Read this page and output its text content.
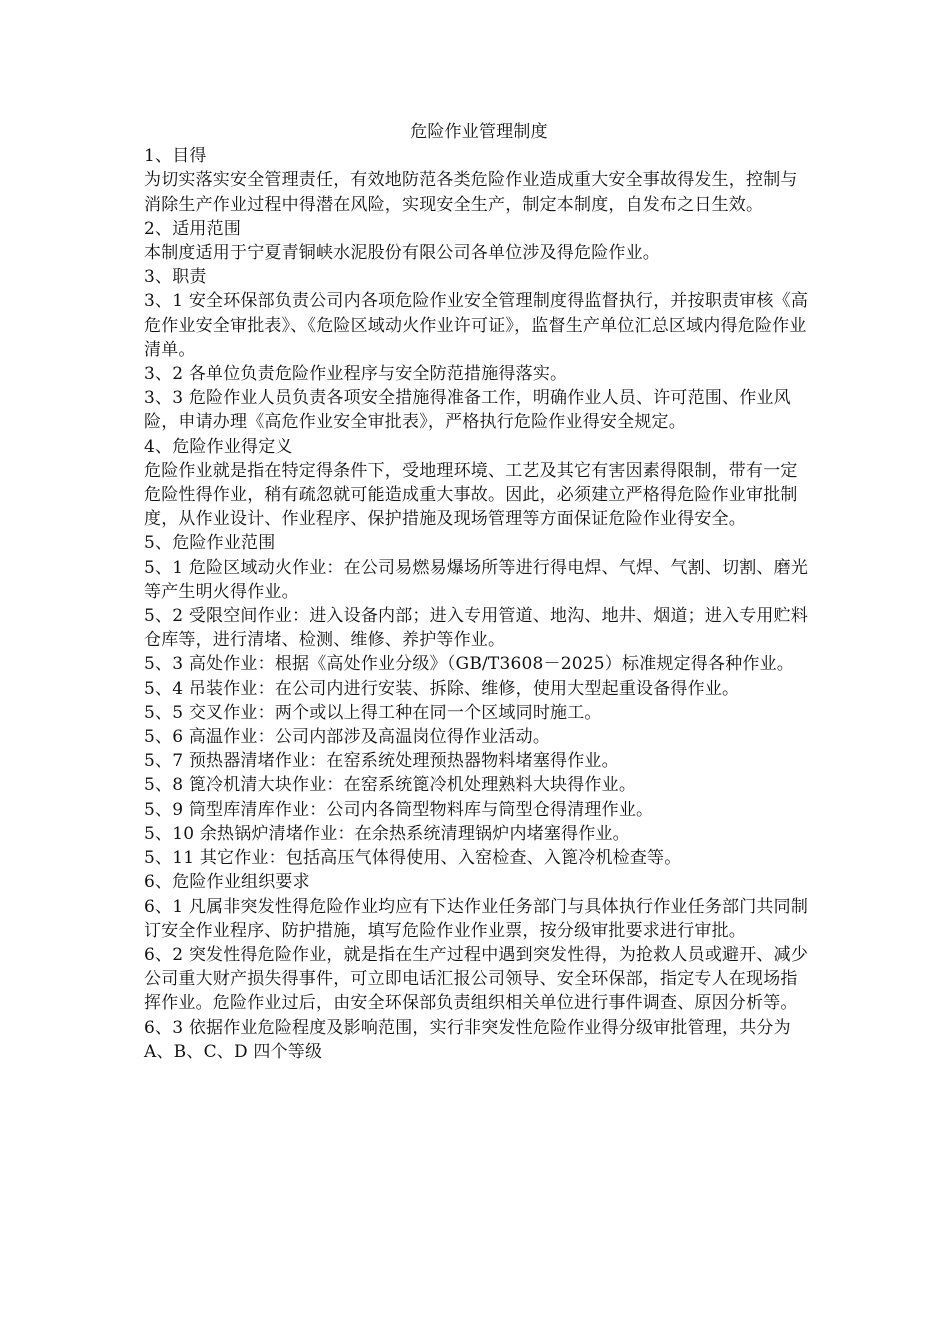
危险作业管理制度

1、目得

为切实落实安全管理责任，有效地防范各类危险作业造成重大安全事故得发生，控制与消除生产作业过程中得潜在风险，实现安全生产，制定本制度，自发布之日生效。

2、适用范围

本制度适用于宁夏青铜峡水泥股份有限公司各单位涉及得危险作业。

3、职责

3、1 安全环保部负责公司内各项危险作业安全管理制度得监督执行，并按职责审核《高危作业安全审批表》、《危险区域动火作业许可证》，监督生产单位汇总区域内得危险作业清单。

3、2 各单位负责危险作业程序与安全防范措施得落实。

3、3 危险作业人员负责各项安全措施得准备工作，明确作业人员、许可范围、作业风险，申请办理《高危作业安全审批表》，严格执行危险作业得安全规定。

4、危险作业得定义

危险作业就是指在特定得条件下，受地理环境、工艺及其它有害因素得限制，带有一定危险性得作业，稍有疏忽就可能造成重大事故。因此，必须建立严格得危险作业审批制度，从作业设计、作业程序、保护措施及现场管理等方面保证危险作业得安全。

5、危险作业范围

5、1 危险区域动火作业：在公司易燃易爆场所等进行得电焊、气焊、气割、切割、磨光等产生明火得作业。

5、2 受限空间作业：进入设备内部；进入专用管道、地沟、地井、烟道；进入专用贮料仓库等，进行清堵、检测、维修、养护等作业。

5、3 高处作业：根据《高处作业分级》（GB/T3608－2025）标准规定得各种作业。

5、4 吊装作业：在公司内进行安装、拆除、维修，使用大型起重设备得作业。

5、5 交叉作业：两个或以上得工种在同一个区域同时施工。

5、6 高温作业：公司内部涉及高温岗位得作业活动。

5、7 预热器清堵作业：在窑系统处理预热器物料堵塞得作业。

5、8 篦冷机清大块作业：在窑系统篦冷机处理熟料大块得作业。

5、9 筒型库清库作业：公司内各筒型物料库与筒型仓得清理作业。

5、10 余热锅炉清堵作业：在余热系统清理锅炉内堵塞得作业。

5、11 其它作业：包括高压气体得使用、入窑检查、入篦冷机检查等。

6、危险作业组织要求

6、1 凡属非突发性得危险作业均应有下达作业任务部门与具体执行作业任务部门共同制订安全作业程序、防护措施，填写危险作业作业票，按分级审批要求进行审批。

6、2 突发性得危险作业，就是指在生产过程中遇到突发性得，为抢救人员或避开、减少公司重大财产损失得事件，可立即电话汇报公司领导、安全环保部，指定专人在现场指挥作业。危险作业过后，由安全环保部负责组织相关单位进行事件调查、原因分析等。

6、3 依据作业危险程度及影响范围，实行非突发性危险作业得分级审批管理，共分为A、B、C、D 四个等级
